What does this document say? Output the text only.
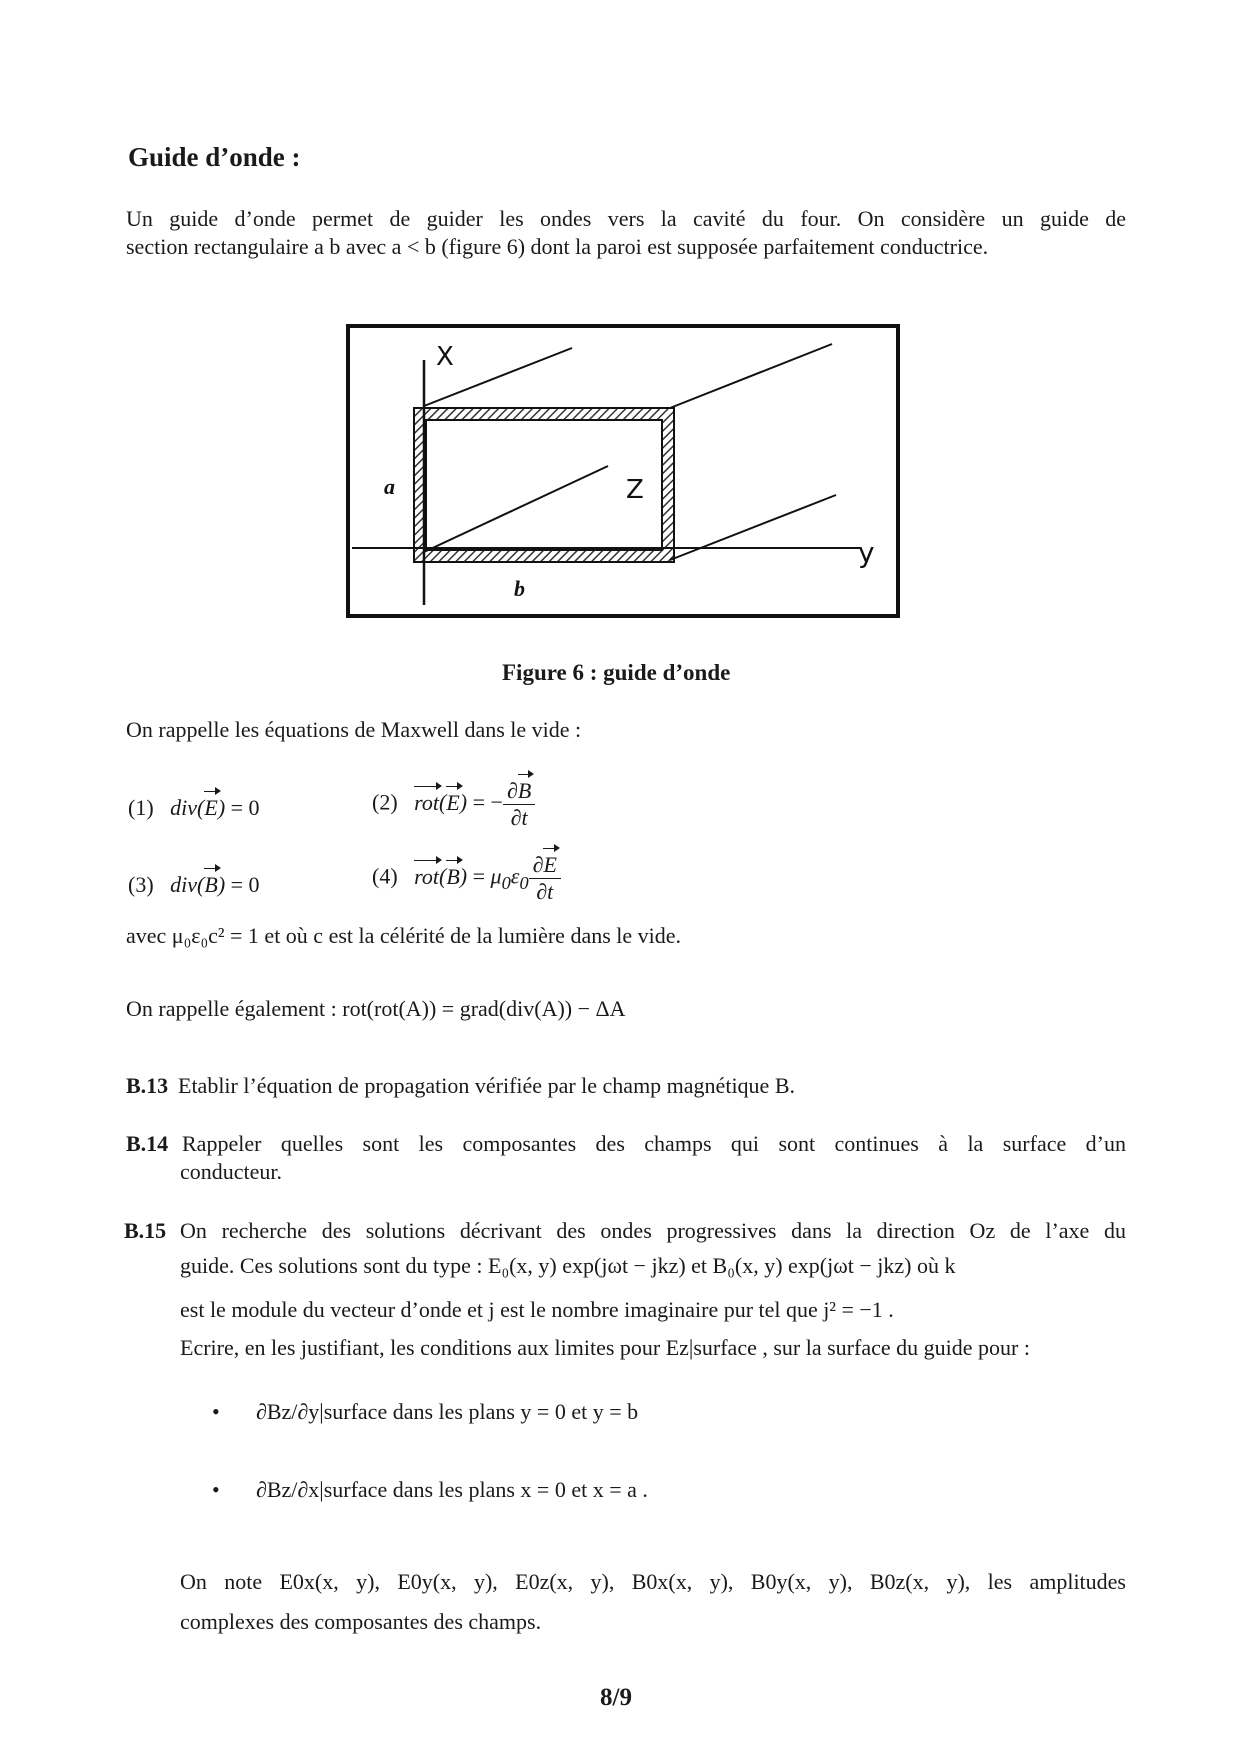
Guide d’onde :
Un guide d’onde permet de guider les ondes vers la cavité du four. On considère un guide de
section rectangulaire a b avec a < b (figure 6) dont la paroi est supposée parfaitement conductrice.
X
Z
y
a
b
Figure 6 : guide d’onde
On rappelle les équations de Maxwell dans le vide :
(1)   div(E) = 0	(2) rot(E) = − $\frac{\partial B}{\partial t}$
(3)   div(B) = 0	(4) $rot(B) = \mu_0\varepsilon_0 \frac{\partial E}{\partial t}$
avec μ₀ε₀c² = 1 et où c est la célérité de la lumière dans le vide.
On rappelle également : rot(rot(A)) = grad(div(A)) − ΔA
B.13 Etablir l’équation de propagation vérifiée par le champ magnétique B.
B.14 Rappeler quelles sont les composantes des champs qui sont continues à la surface d’un
conducteur.
B.15 On recherche des solutions décrivant des ondes progressives dans la direction Oz de l’axe du
guide. Ces solutions sont du type : E₀(x, y) exp(jωt − jkz) et B₀(x, y) exp(jωt − jkz) où k
est le module du vecteur d’onde et j est le nombre imaginaire pur tel que j² = −1 .
Ecrire, en les justifiant, les conditions aux limites pour Ez|surface , sur la surface du guide pour :
• ∂Bz/∂y|surface dans les plans y = 0 et y = b
• ∂Bz/∂x|surface dans les plans x = 0 et x = a .
On note E0x(x, y), E0y(x, y), E0z(x, y), B0x(x, y), B0y(x, y), B0z(x, y), les amplitudes
complexes des composantes des champs.
8/9
